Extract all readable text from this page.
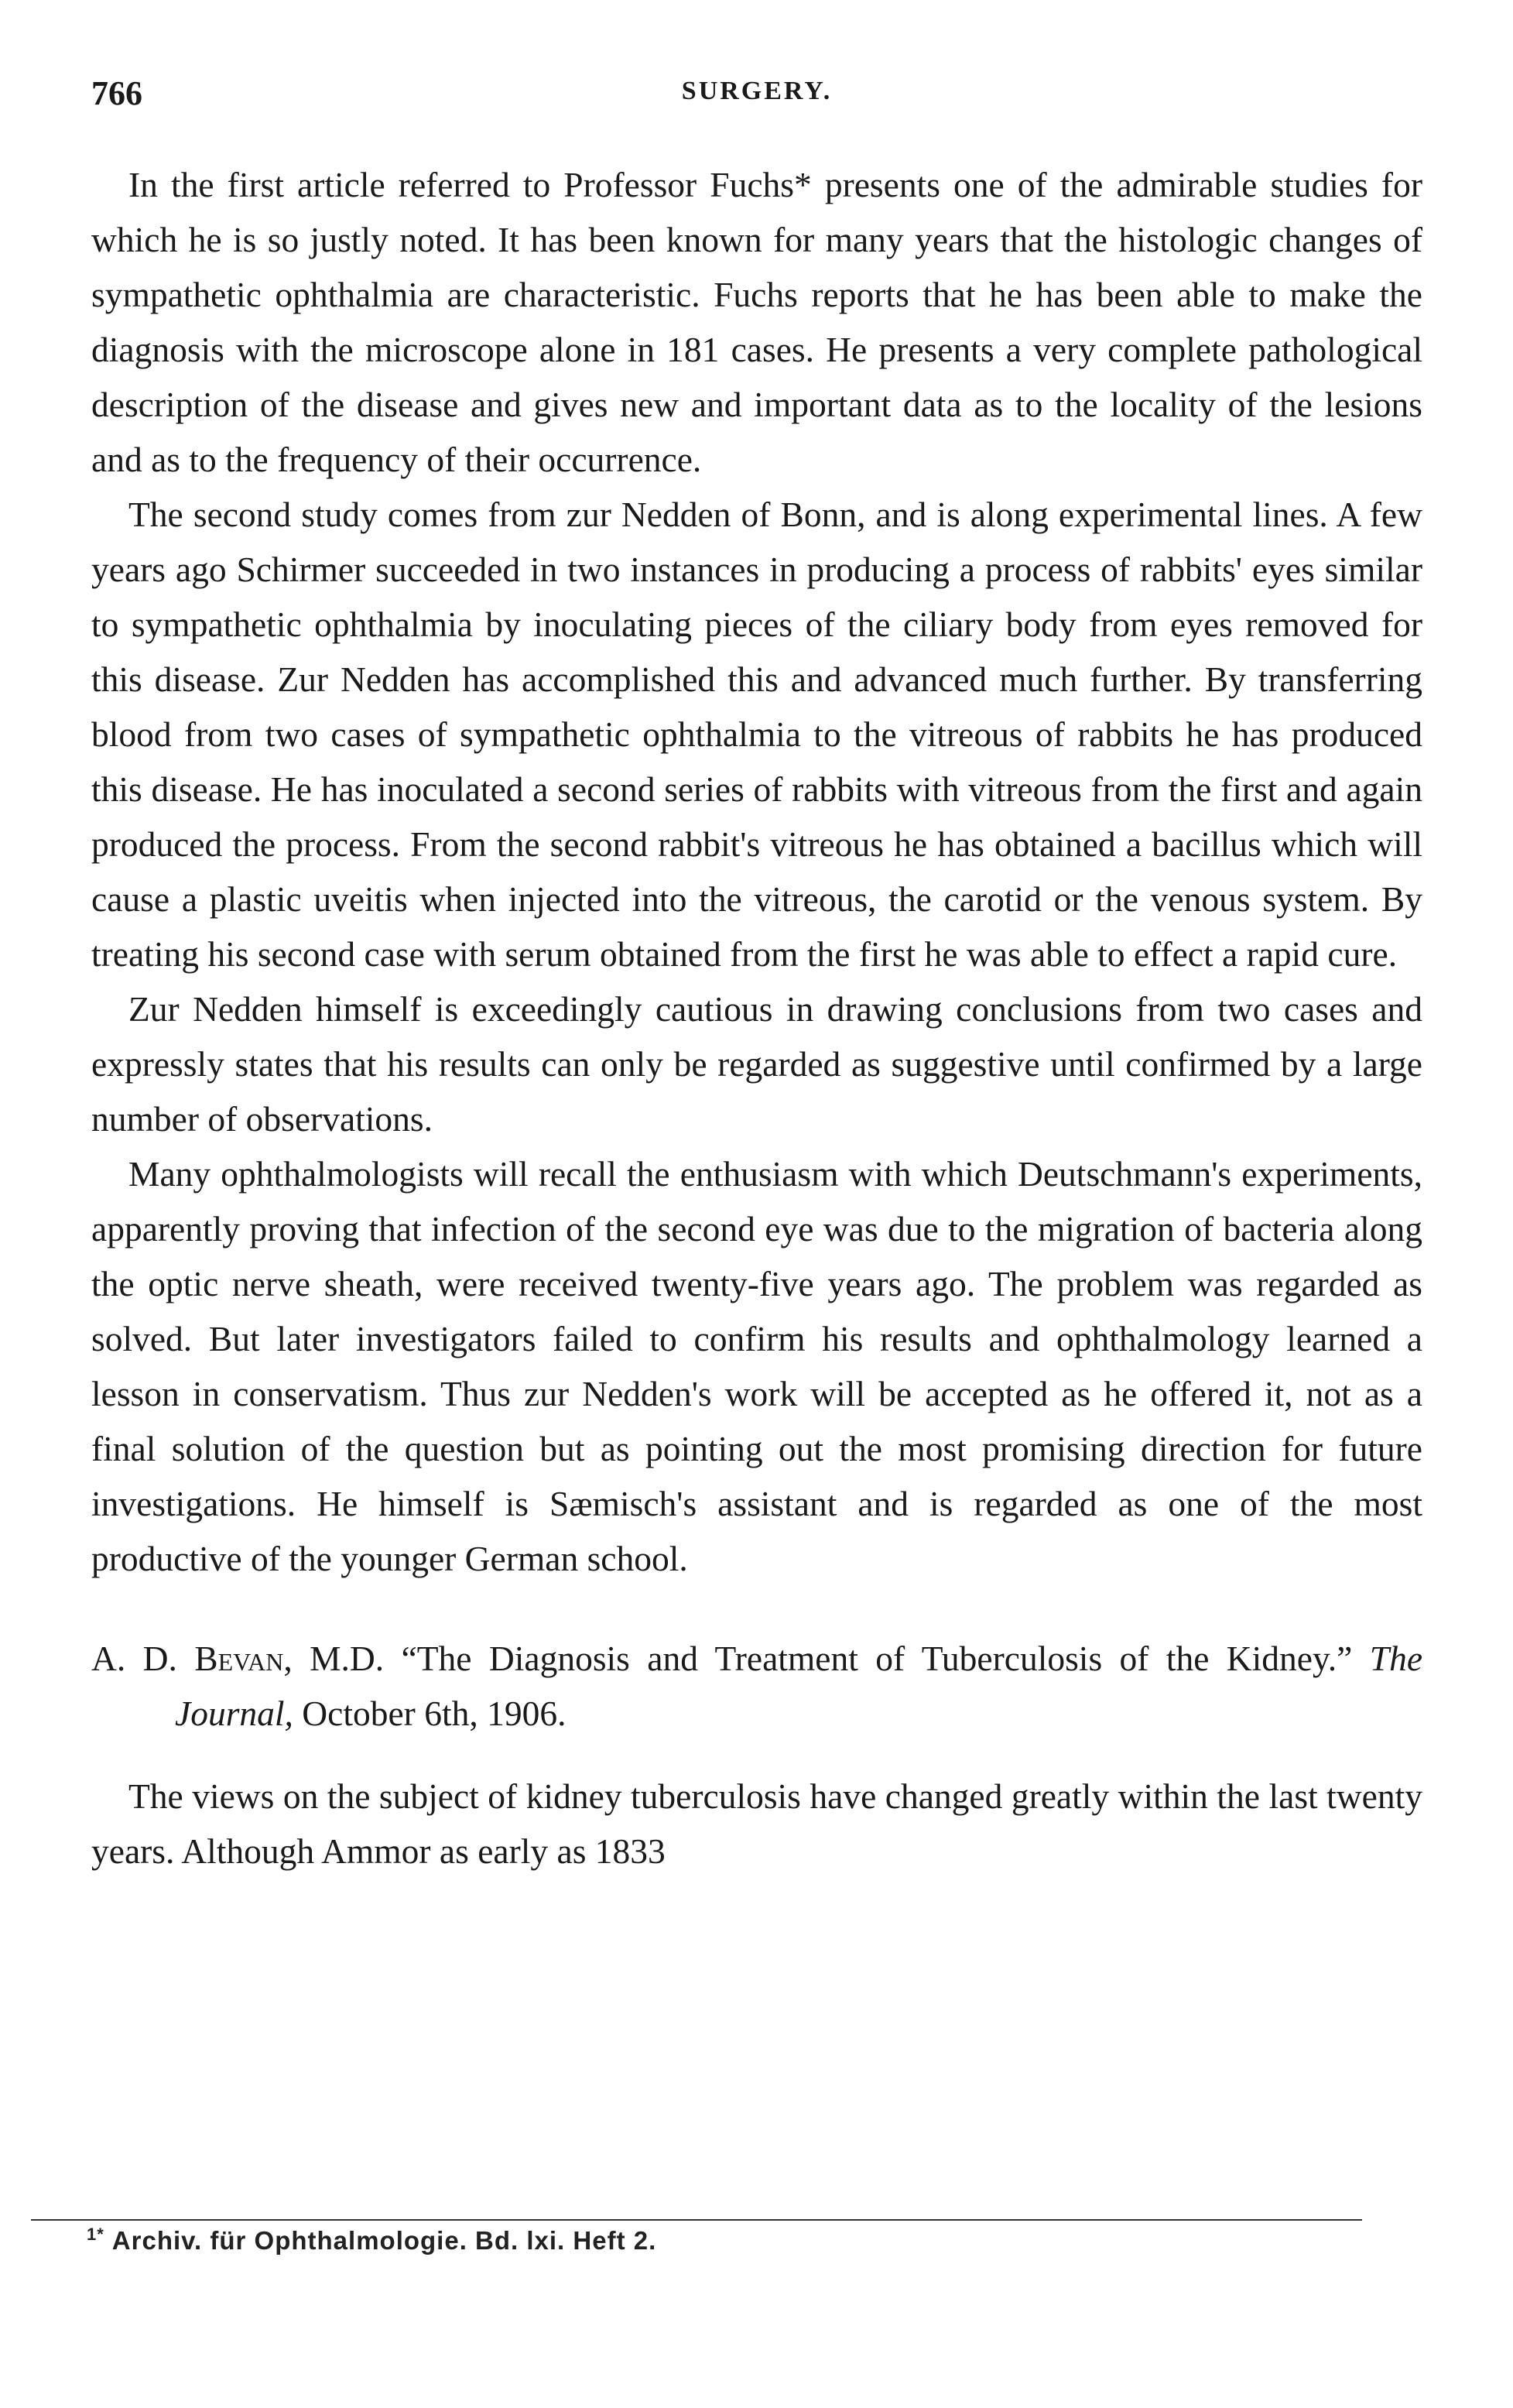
766	SURGERY.

In the first article referred to Professor Fuchs* presents one of the admirable studies for which he is so justly noted. It has been known for many years that the histologic changes of sympathetic ophthalmia are characteristic. Fuchs reports that he has been able to make the diagnosis with the microscope alone in 181 cases. He presents a very complete pathological description of the disease and gives new and important data as to the locality of the lesions and as to the frequency of their occurrence.

The second study comes from zur Nedden of Bonn, and is along experimental lines. A few years ago Schirmer succeeded in two instances in producing a process of rabbits' eyes similar to sympathetic ophthalmia by inoculating pieces of the ciliary body from eyes removed for this disease. Zur Nedden has accomplished this and advanced much further. By transferring blood from two cases of sympathetic ophthalmia to the vitreous of rabbits he has produced this disease. He has inoculated a second series of rabbits with vitreous from the first and again produced the process. From the second rabbit's vitreous he has obtained a bacillus which will cause a plastic uveitis when injected into the vitreous, the carotid or the venous system. By treating his second case with serum obtained from the first he was able to effect a rapid cure.

Zur Nedden himself is exceedingly cautious in drawing conclusions from two cases and expressly states that his results can only be regarded as suggestive until confirmed by a large number of observations.

Many ophthalmologists will recall the enthusiasm with which Deutschmann's experiments, apparently proving that infection of the second eye was due to the migration of bacteria along the optic nerve sheath, were received twenty-five years ago. The problem was regarded as solved. But later investigators failed to confirm his results and ophthalmology learned a lesson in conservatism. Thus zur Nedden's work will be accepted as he offered it, not as a final solution of the question but as pointing out the most promising direction for future investigations. He himself is Sæmisch's assistant and is regarded as one of the most productive of the younger German school.

A. D. Bevan, M.D. “The Diagnosis and Treatment of Tuberculosis of the Kidney.” The Journal, October 6th, 1906.

The views on the subject of kidney tuberculosis have changed greatly within the last twenty years. Although Ammor as early as 1833

$^{1*}$ Archiv. für Ophthalmologie. Bd. lxi. Heft 2.
